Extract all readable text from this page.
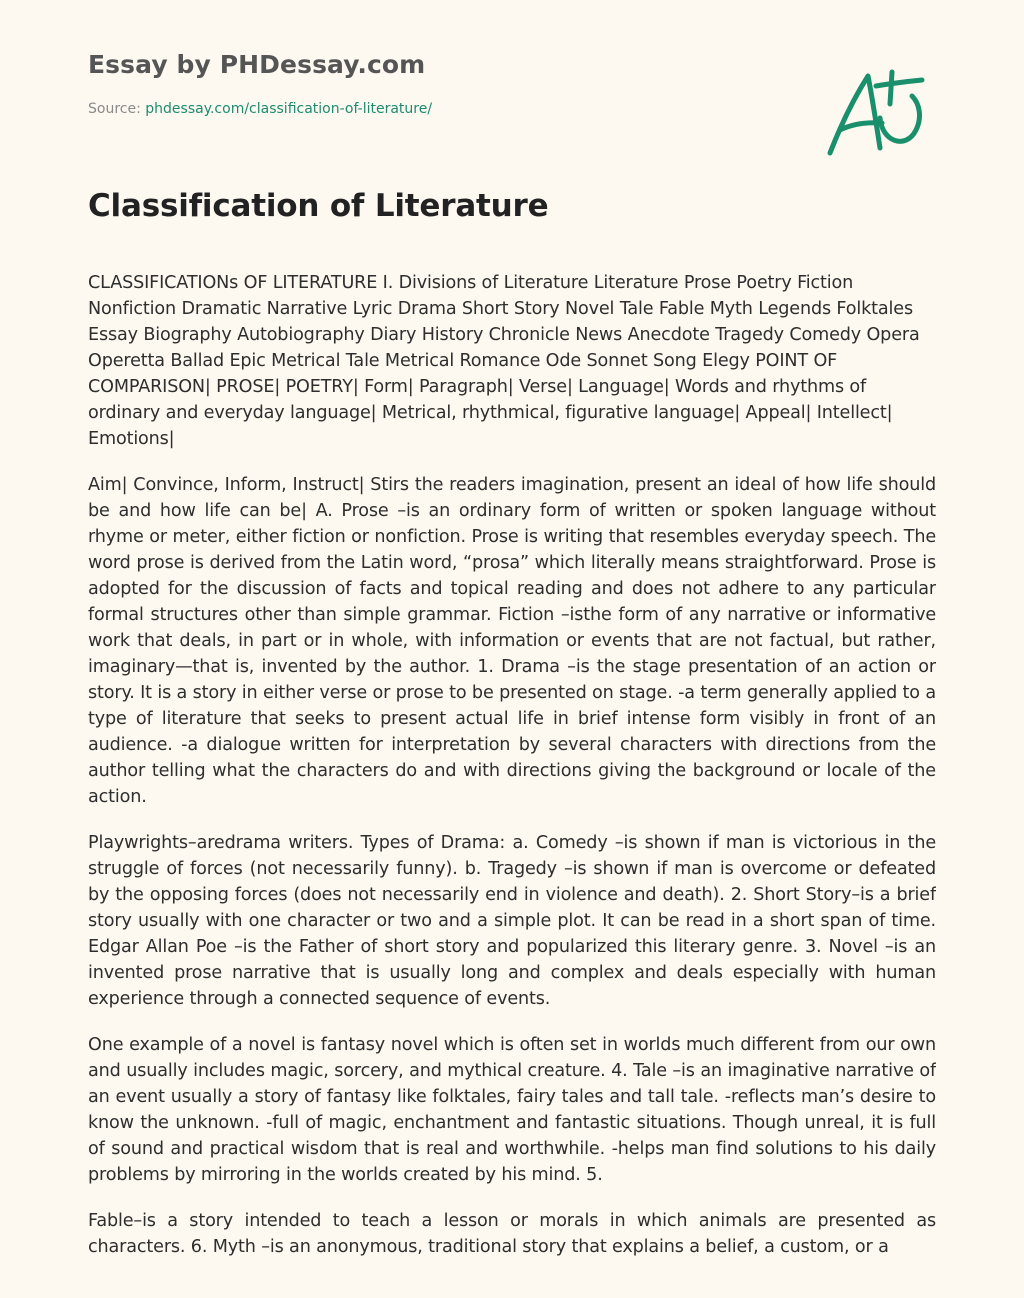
Essay by PHDessay.com
Source: phdessay.com/classification-of-literature/
Classification of Literature

CLASSIFICATIONs OF LITERATURE I. Divisions of Literature Literature Prose Poetry Fiction Nonfiction Dramatic Narrative Lyric Drama Short Story Novel Tale Fable Myth Legends Folktales Essay Biography Autobiography Diary History Chronicle News Anecdote Tragedy Comedy Opera Operetta Ballad Epic Metrical Tale Metrical Romance Ode Sonnet Song Elegy POINT OF COMPARISON| PROSE| POETRY| Form| Paragraph| Verse| Language| Words and rhythms of ordinary and everyday language| Metrical, rhythmical, figurative language| Appeal| Intellect| Emotions|

Aim| Convince, Inform, Instruct| Stirs the readers imagination, present an ideal of how life should be and how life can be| A. Prose –is an ordinary form of written or spoken language without rhyme or meter, either fiction or nonfiction. Prose is writing that resembles everyday speech. The word prose is derived from the Latin word, “prosa” which literally means straightforward. Prose is adopted for the discussion of facts and topical reading and does not adhere to any particular formal structures other than simple grammar. Fiction –isthe form of any narrative or informative work that deals, in part or in whole, with information or events that are not factual, but rather, imaginary—that is, invented by the author. 1. Drama –is the stage presentation of an action or story. It is a story in either verse or prose to be presented on stage. -a term generally applied to a type of literature that seeks to present actual life in brief intense form visibly in front of an audience. -a dialogue written for interpretation by several characters with directions from the author telling what the characters do and with directions giving the background or locale of the action.

Playwrights–aredrama writers. Types of Drama: a. Comedy –is shown if man is victorious in the struggle of forces (not necessarily funny). b. Tragedy –is shown if man is overcome or defeated by the opposing forces (does not necessarily end in violence and death). 2. Short Story–is a brief story usually with one character or two and a simple plot. It can be read in a short span of time. Edgar Allan Poe –is the Father of short story and popularized this literary genre. 3. Novel –is an invented prose narrative that is usually long and complex and deals especially with human experience through a connected sequence of events.

One example of a novel is fantasy novel which is often set in worlds much different from our own and usually includes magic, sorcery, and mythical creature. 4. Tale –is an imaginative narrative of an event usually a story of fantasy like folktales, fairy tales and tall tale. -reflects man’s desire to know the unknown. -full of magic, enchantment and fantastic situations. Though unreal, it is full of sound and practical wisdom that is real and worthwhile. -helps man find solutions to his daily problems by mirroring in the worlds created by his mind. 5.

Fable–is a story intended to teach a lesson or morals in which animals are presented as characters. 6. Myth –is an anonymous, traditional story that explains a belief, a custom, or a
